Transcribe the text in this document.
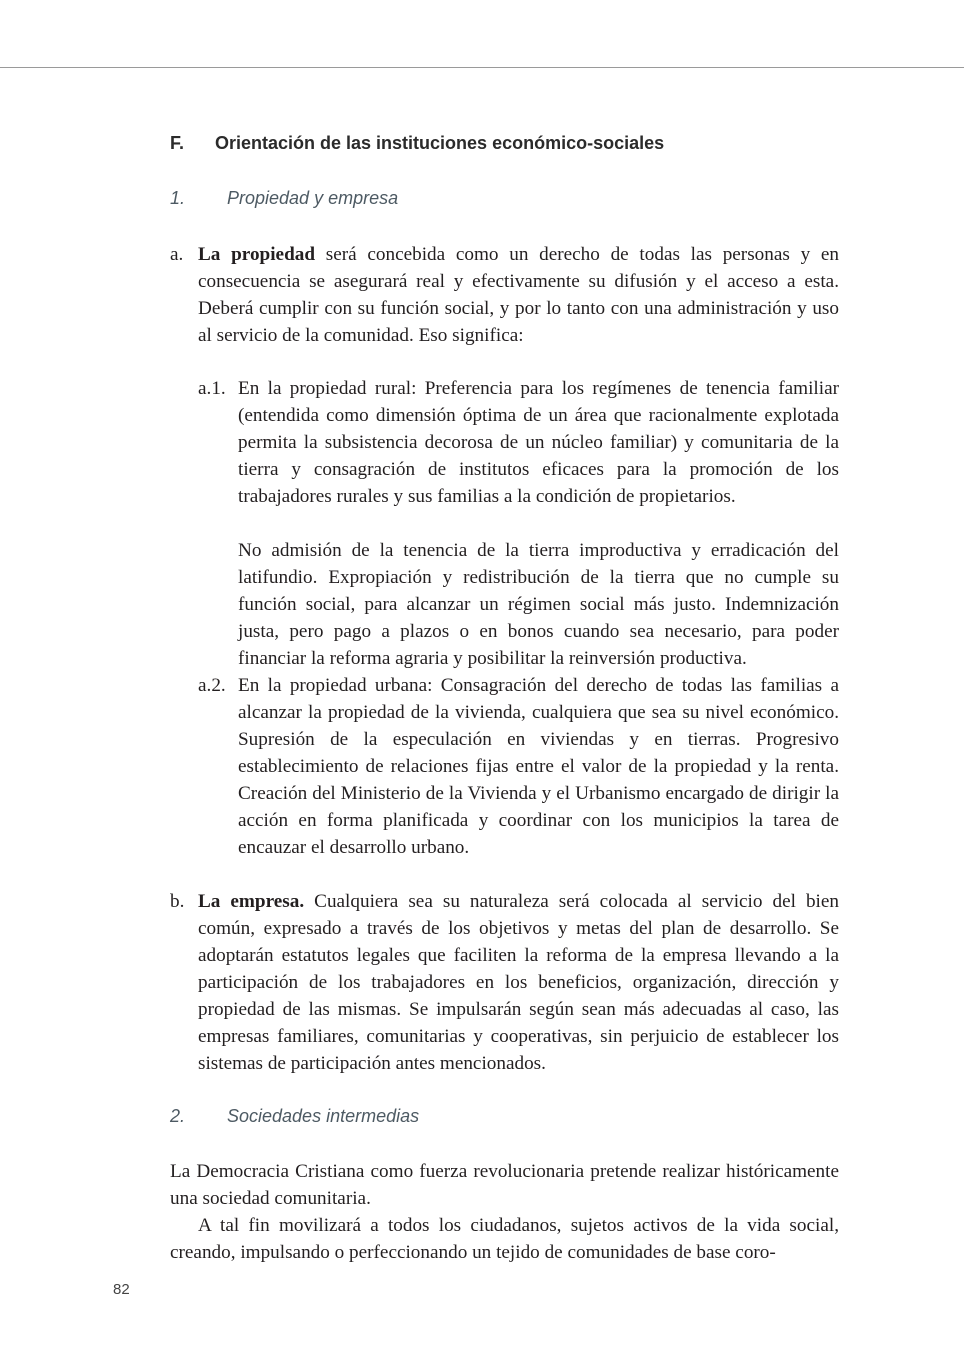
F.	Orientación de las instituciones económico-sociales
1. Propiedad y empresa
a. La propiedad será concebida como un derecho de todas las personas y en consecuencia se asegurará real y efectivamente su difusión y el acceso a esta. Deberá cumplir con su función social, y por lo tanto con una administración y uso al servicio de la comunidad. Eso significa:

a.1. En la propiedad rural: Preferencia para los regímenes de tenencia familiar (entendida como dimensión óptima de un área que racionalmente explotada permita la subsistencia decorosa de un núcleo familiar) y comunitaria de la tierra y consagración de institutos eficaces para la promoción de los trabajadores rurales y sus familias a la condición de propietarios.

No admisión de la tenencia de la tierra improductiva y erradicación del latifundio. Expropiación y redistribución de la tierra que no cumple su función social, para alcanzar un régimen social más justo. Indemnización justa, pero pago a plazos o en bonos cuando sea necesario, para poder financiar la reforma agraria y posibilitar la reinversión productiva.

a.2. En la propiedad urbana: Consagración del derecho de todas las familias a alcanzar la propiedad de la vivienda, cualquiera que sea su nivel económico. Supresión de la especulación en viviendas y en tierras. Progresivo establecimiento de relaciones fijas entre el valor de la propiedad y la renta. Creación del Ministerio de la Vivienda y el Urbanismo encargado de dirigir la acción en forma planificada y coordinar con los municipios la tarea de encauzar el desarrollo urbano.

b. La empresa. Cualquiera sea su naturaleza será colocada al servicio del bien común, expresado a través de los objetivos y metas del plan de desarrollo. Se adoptarán estatutos legales que faciliten la reforma de la empresa llevando a la participación de los trabajadores en los beneficios, organización, dirección y propiedad de las mismas. Se impulsarán según sean más adecuadas al caso, las empresas familiares, comunitarias y cooperativas, sin perjuicio de establecer los sistemas de participación antes mencionados.

2. Sociedades intermedias

La Democracia Cristiana como fuerza revolucionaria pretende realizar históricamente una sociedad comunitaria.

A tal fin movilizará a todos los ciudadanos, sujetos activos de la vida social, creando, impulsando o perfeccionando un tejido de comunidades de base coro-

82
